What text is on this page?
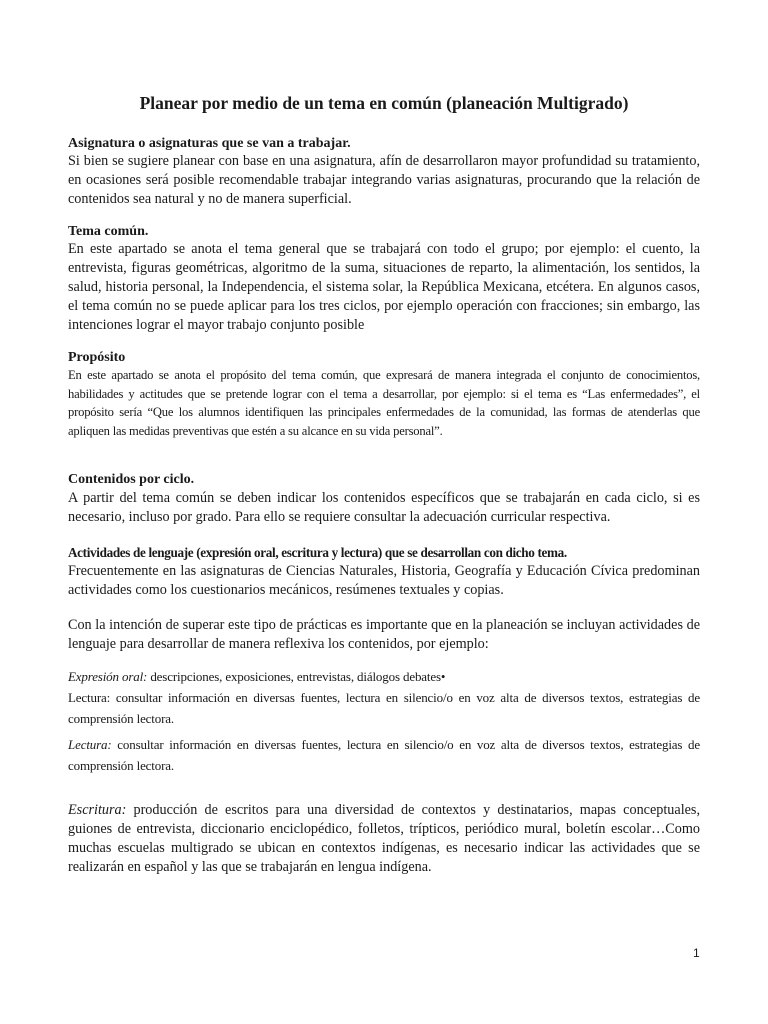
Planear por medio de un tema en común (planeación Multigrado)
Asignatura o asignaturas que se van a trabajar.
Si bien se sugiere planear con base en una asignatura, afín de desarrollaron mayor profundidad su tratamiento, en ocasiones será posible recomendable trabajar integrando varias asignaturas, procurando que la relación de contenidos sea natural y no de manera superficial.
Tema común.
En este apartado se anota el tema general que se trabajará con todo el grupo; por ejemplo: el cuento, la entrevista, figuras geométricas, algoritmo de la suma, situaciones de reparto, la alimentación, los sentidos, la salud, historia personal, la Independencia, el sistema solar, la República Mexicana, etcétera. En algunos casos, el tema común no se puede aplicar para los tres ciclos, por ejemplo operación con fracciones; sin embargo, las intenciones lograr el mayor trabajo conjunto posible
Propósito
En este apartado se anota el propósito del tema común, que expresará de manera integrada el conjunto de conocimientos, habilidades y actitudes que se pretende lograr con el tema a desarrollar, por ejemplo: si el tema es “Las enfermedades”, el propósito sería “Que los alumnos identifiquen las principales enfermedades de la comunidad, las formas de atenderlas que apliquen las medidas preventivas que estén a su alcance en su vida personal”.
Contenidos por ciclo.
A partir del tema común se deben indicar los contenidos específicos que se trabajarán en cada ciclo, si es necesario, incluso por grado. Para ello se requiere consultar la adecuación curricular respectiva.
Actividades de lenguaje (expresión oral, escritura y lectura) que se desarrollan con dicho tema.
Frecuentemente en las asignaturas de Ciencias Naturales, Historia, Geografía y Educación Cívica predominan actividades como los cuestionarios mecánicos, resúmenes textuales y copias.
Con la intención de superar este tipo de prácticas es importante que en la planeación se incluyan actividades de lenguaje para desarrollar de manera reflexiva los contenidos, por ejemplo:
Expresión oral: descripciones, exposiciones, entrevistas, diálogos debates•
Lectura: consultar información en diversas fuentes, lectura en silencio/o en voz alta de diversos textos, estrategias de comprensión lectora.
Lectura: consultar información en diversas fuentes, lectura en silencio/o en voz alta de diversos textos, estrategias de comprensión lectora.
Escritura: producción de escritos para una diversidad de contextos y destinatarios, mapas conceptuales, guiones de entrevista, diccionario enciclopédico, folletos, trípticos, periódico mural, boletín escolar…Como muchas escuelas multigrado se ubican en contextos indígenas, es necesario indicar las actividades que se realizarán en español y las que se trabajarán en lengua indígena.
1
